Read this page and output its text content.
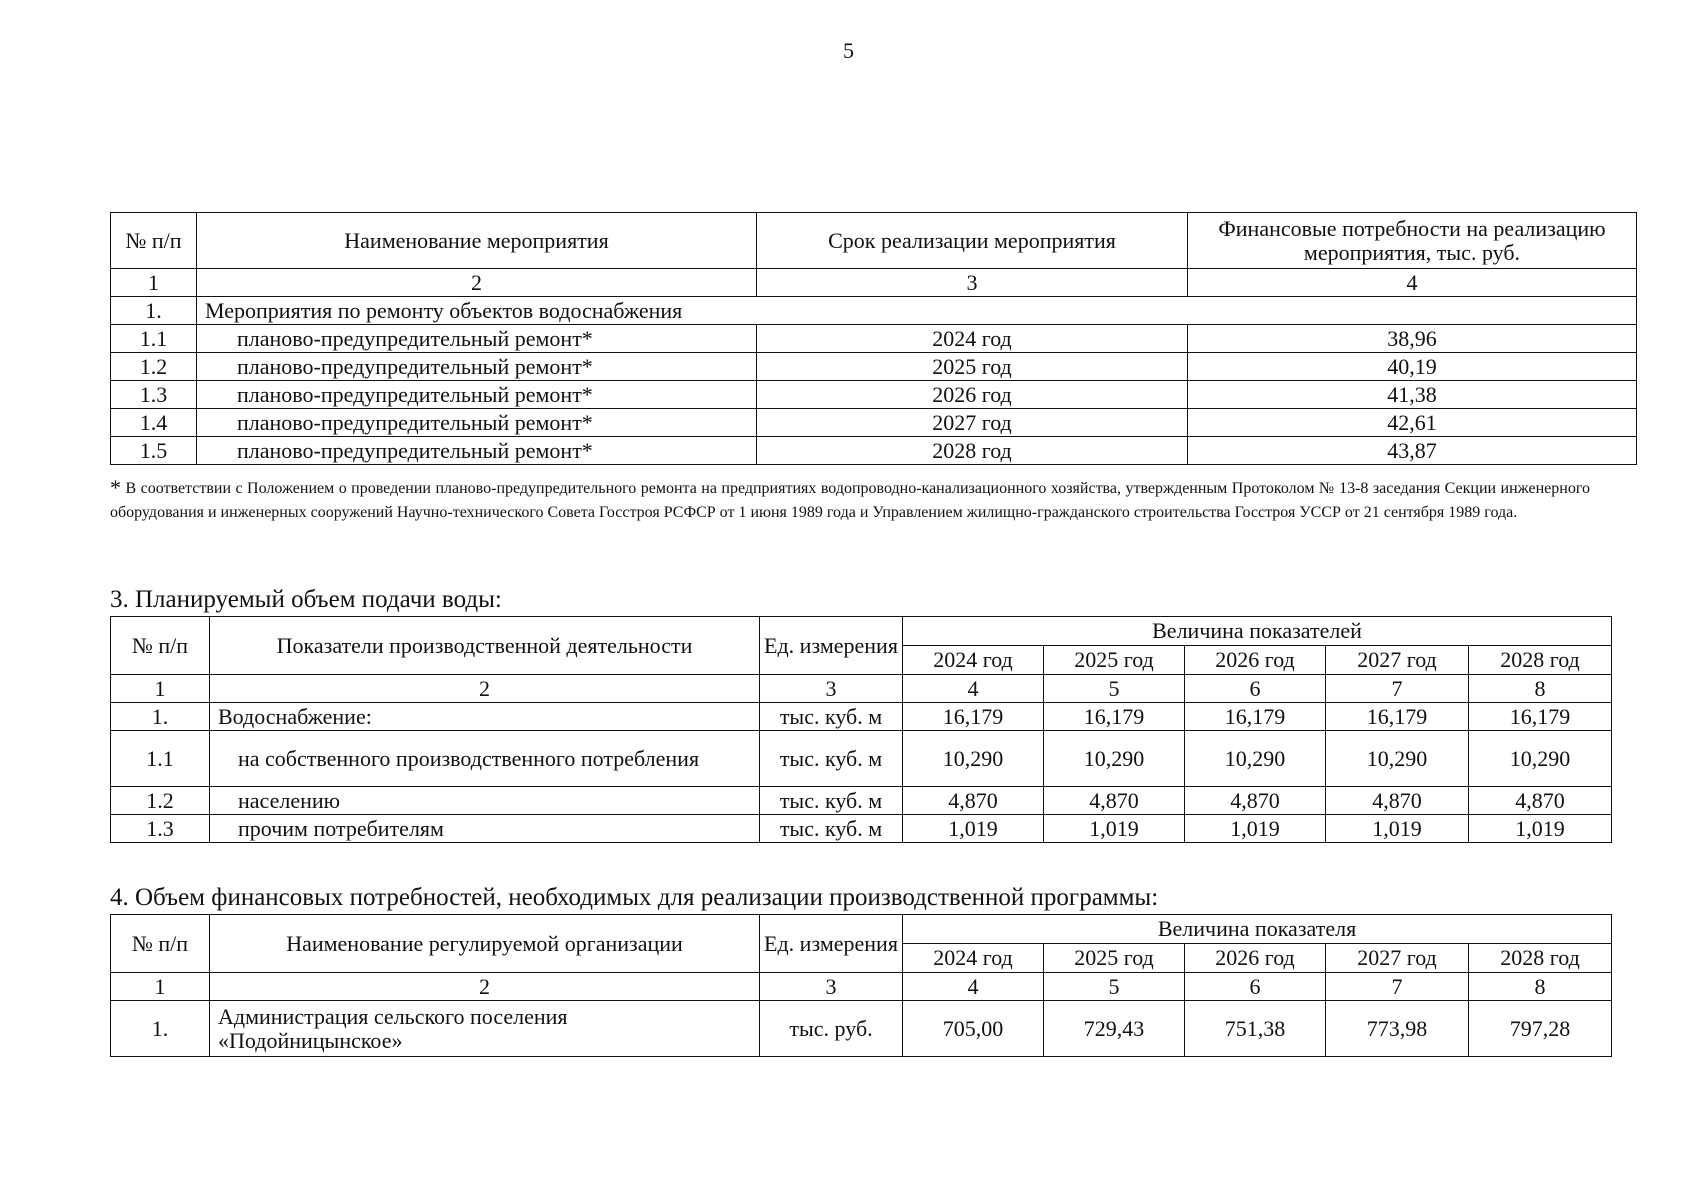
5
№ п/п	Наименование мероприятия	Срок реализации мероприятия	Финансовые потребности на реализацию мероприятия, тыс. руб.
1	2	3	4
1.	Мероприятия по ремонту объектов водоснабжения		
1.1	планово-предупредительный ремонт*	2024 год	38,96
1.2	планово-предупредительный ремонт*	2025 год	40,19
1.3	планово-предупредительный ремонт*	2026 год	41,38
1.4	планово-предупредительный ремонт*	2027 год	42,61
1.5	планово-предупредительный ремонт*	2028 год	43,87
* В соответствии с Положением о проведении планово-предупредительного ремонта на предприятиях водопроводно-канализационного хозяйства, утвержденным Протоколом № 13-8 заседания Секции инженерного оборудования и инженерных сооружений Научно-технического Совета Госстроя РСФСР от 1 июня 1989 года и Управлением жилищно-гражданского строительства Госстроя УССР от 21 сентября 1989 года.
3. Планируемый объем подачи воды:
№ п/п	Показатели производственной деятельности	Ед. измерения	Величина показателей				
			2024 год	2025 год	2026 год	2027 год	2028 год
1	2	3	4	5	6	7	8
1.	Водоснабжение:	тыс. куб. м	16,179	16,179	16,179	16,179	16,179
1.1	на собственного производственного потребления	тыс. куб. м	10,290	10,290	10,290	10,290	10,290
1.2	населению	тыс. куб. м	4,870	4,870	4,870	4,870	4,870
1.3	прочим потребителям	тыс. куб. м	1,019	1,019	1,019	1,019	1,019
4. Объем финансовых потребностей, необходимых для реализации производственной программы:
№ п/п	Наименование регулируемой организации	Ед. измерения	Величина показателя				
			2024 год	2025 год	2026 год	2027 год	2028 год
1	2	3	4	5	6	7	8
1.	Администрация сельского поселения «Подойницынское»	тыс. руб.	705,00	729,43	751,38	773,98	797,28
